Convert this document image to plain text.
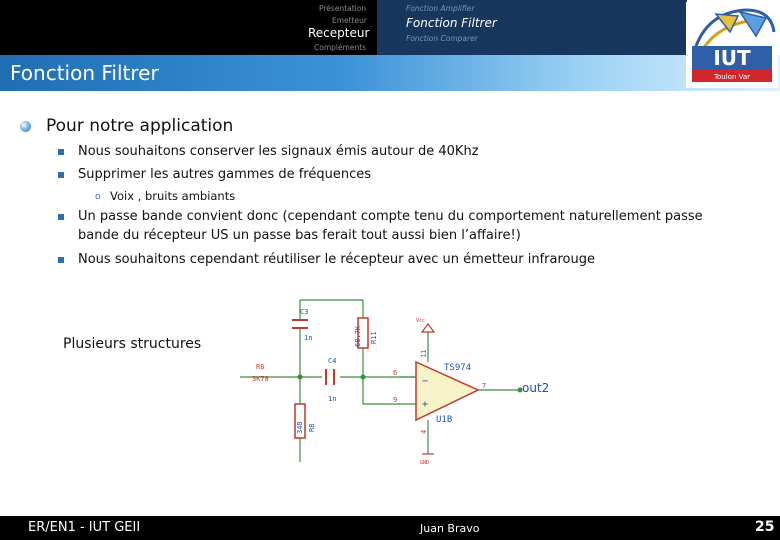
Présentation
Emetteur
Recepteur
Compléments
Fonction Amplifier
Fonction Filtrer
Fonction Comparer
Fonction Filtrer
IUT
Toulon Var
Pour notre application
Nous souhaitons conserver les signaux émis autour de 40Khz
Supprimer les autres gammes de fréquences
o Voix , bruits ambiants
Un passe bande convient donc (cependant compte tenu du comportement naturellement passe
bande du récepteur US un passe bas ferait tout aussi bien l’affaire!)
Nous souhaitons cependant réutiliser le récepteur avec un émetteur infrarouge
Plusieurs structures
C3
1n	68.7K R11
C4
1n
R6
3K78
348 R8
−
+
6
9
7
11
4
TS974
U1B
Vcc
GND
out2
ER/EN1 - IUT GEII	Juan Bravo	25
